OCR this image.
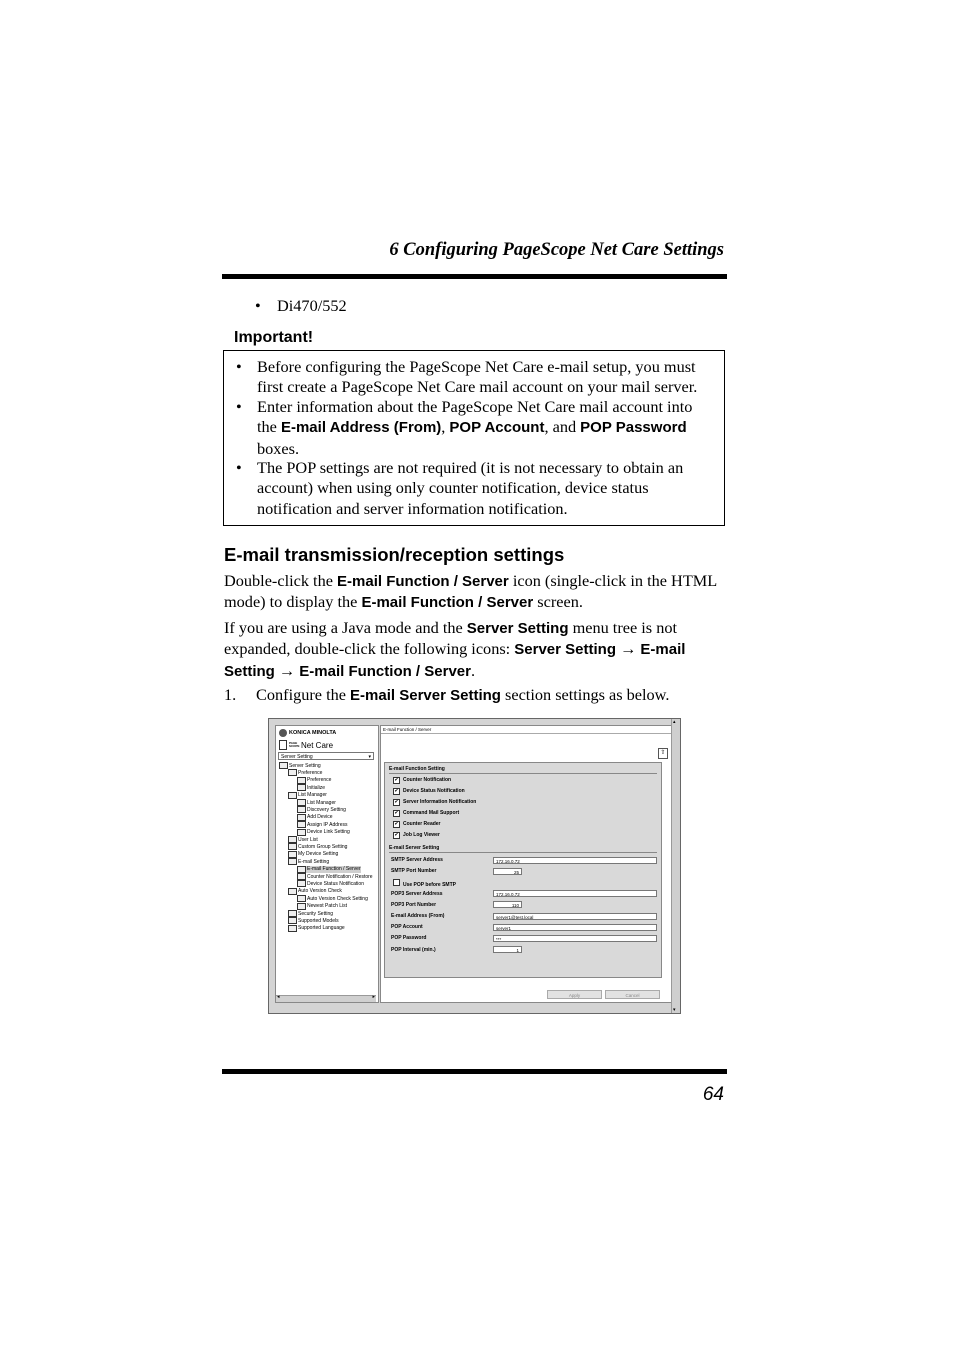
6 Configuring PageScope Net Care Settings
• Di470/552
Important!
• Before configuring the PageScope Net Care e-mail setup, you must first create a PageScope Net Care mail account on your mail server.
• Enter information about the PageScope Net Care mail account into the E-mail Address (From), POP Account, and POP Password boxes.
• The POP settings are not required (it is not necessary to obtain an account) when using only counter notification, device status notification and server information notification.
E-mail transmission/reception settings
Double-click the E-mail Function / Server icon (single-click in the HTML mode) to display the E-mail Function / Server screen.
If you are using a Java mode and the Server Setting menu tree is not expanded, double-click the following icons: Server Setting → E-mail Setting → E-mail Function / Server.
1. Configure the E-mail Server Setting section settings as below.
KONICA MINOLTA
PAGE SCOPE Net Care
Server Setting	▾
Server Setting
Preference
Preference
Initialize
List Manager
List Manager
Discovery Setting
Add Device
Assign IP Address
Device Link Setting
User List
Custom Group Setting
My Device Setting
E-mail Setting
E-mail Function / Server
Counter Notification / Restore
Device Status Notification
Auto Version Check
Auto Version Check Setting
Newest Patch List
Security Setting
Supported Models
Supported Language
◂	▸
E-mail Function / Server
⇧
E-mail Function Setting
✔ Counter Notification
✔ Device Status Notification
✔ Server Information Notification
✔ Command Mail Support
✔ Counter Reader
✔ Job Log Viewer
E-mail Server Setting
SMTP Server Address	172.16.0.72
SMTP Port Number	25
Use POP before SMTP
POP3 Server Address	172.16.0.72
POP3 Port Number	110
E-mail Address (From)	server1@test.local
POP Account	server1
POP Password	***
POP Interval (min.)	1
Apply	Cancel
▴
▾
64
